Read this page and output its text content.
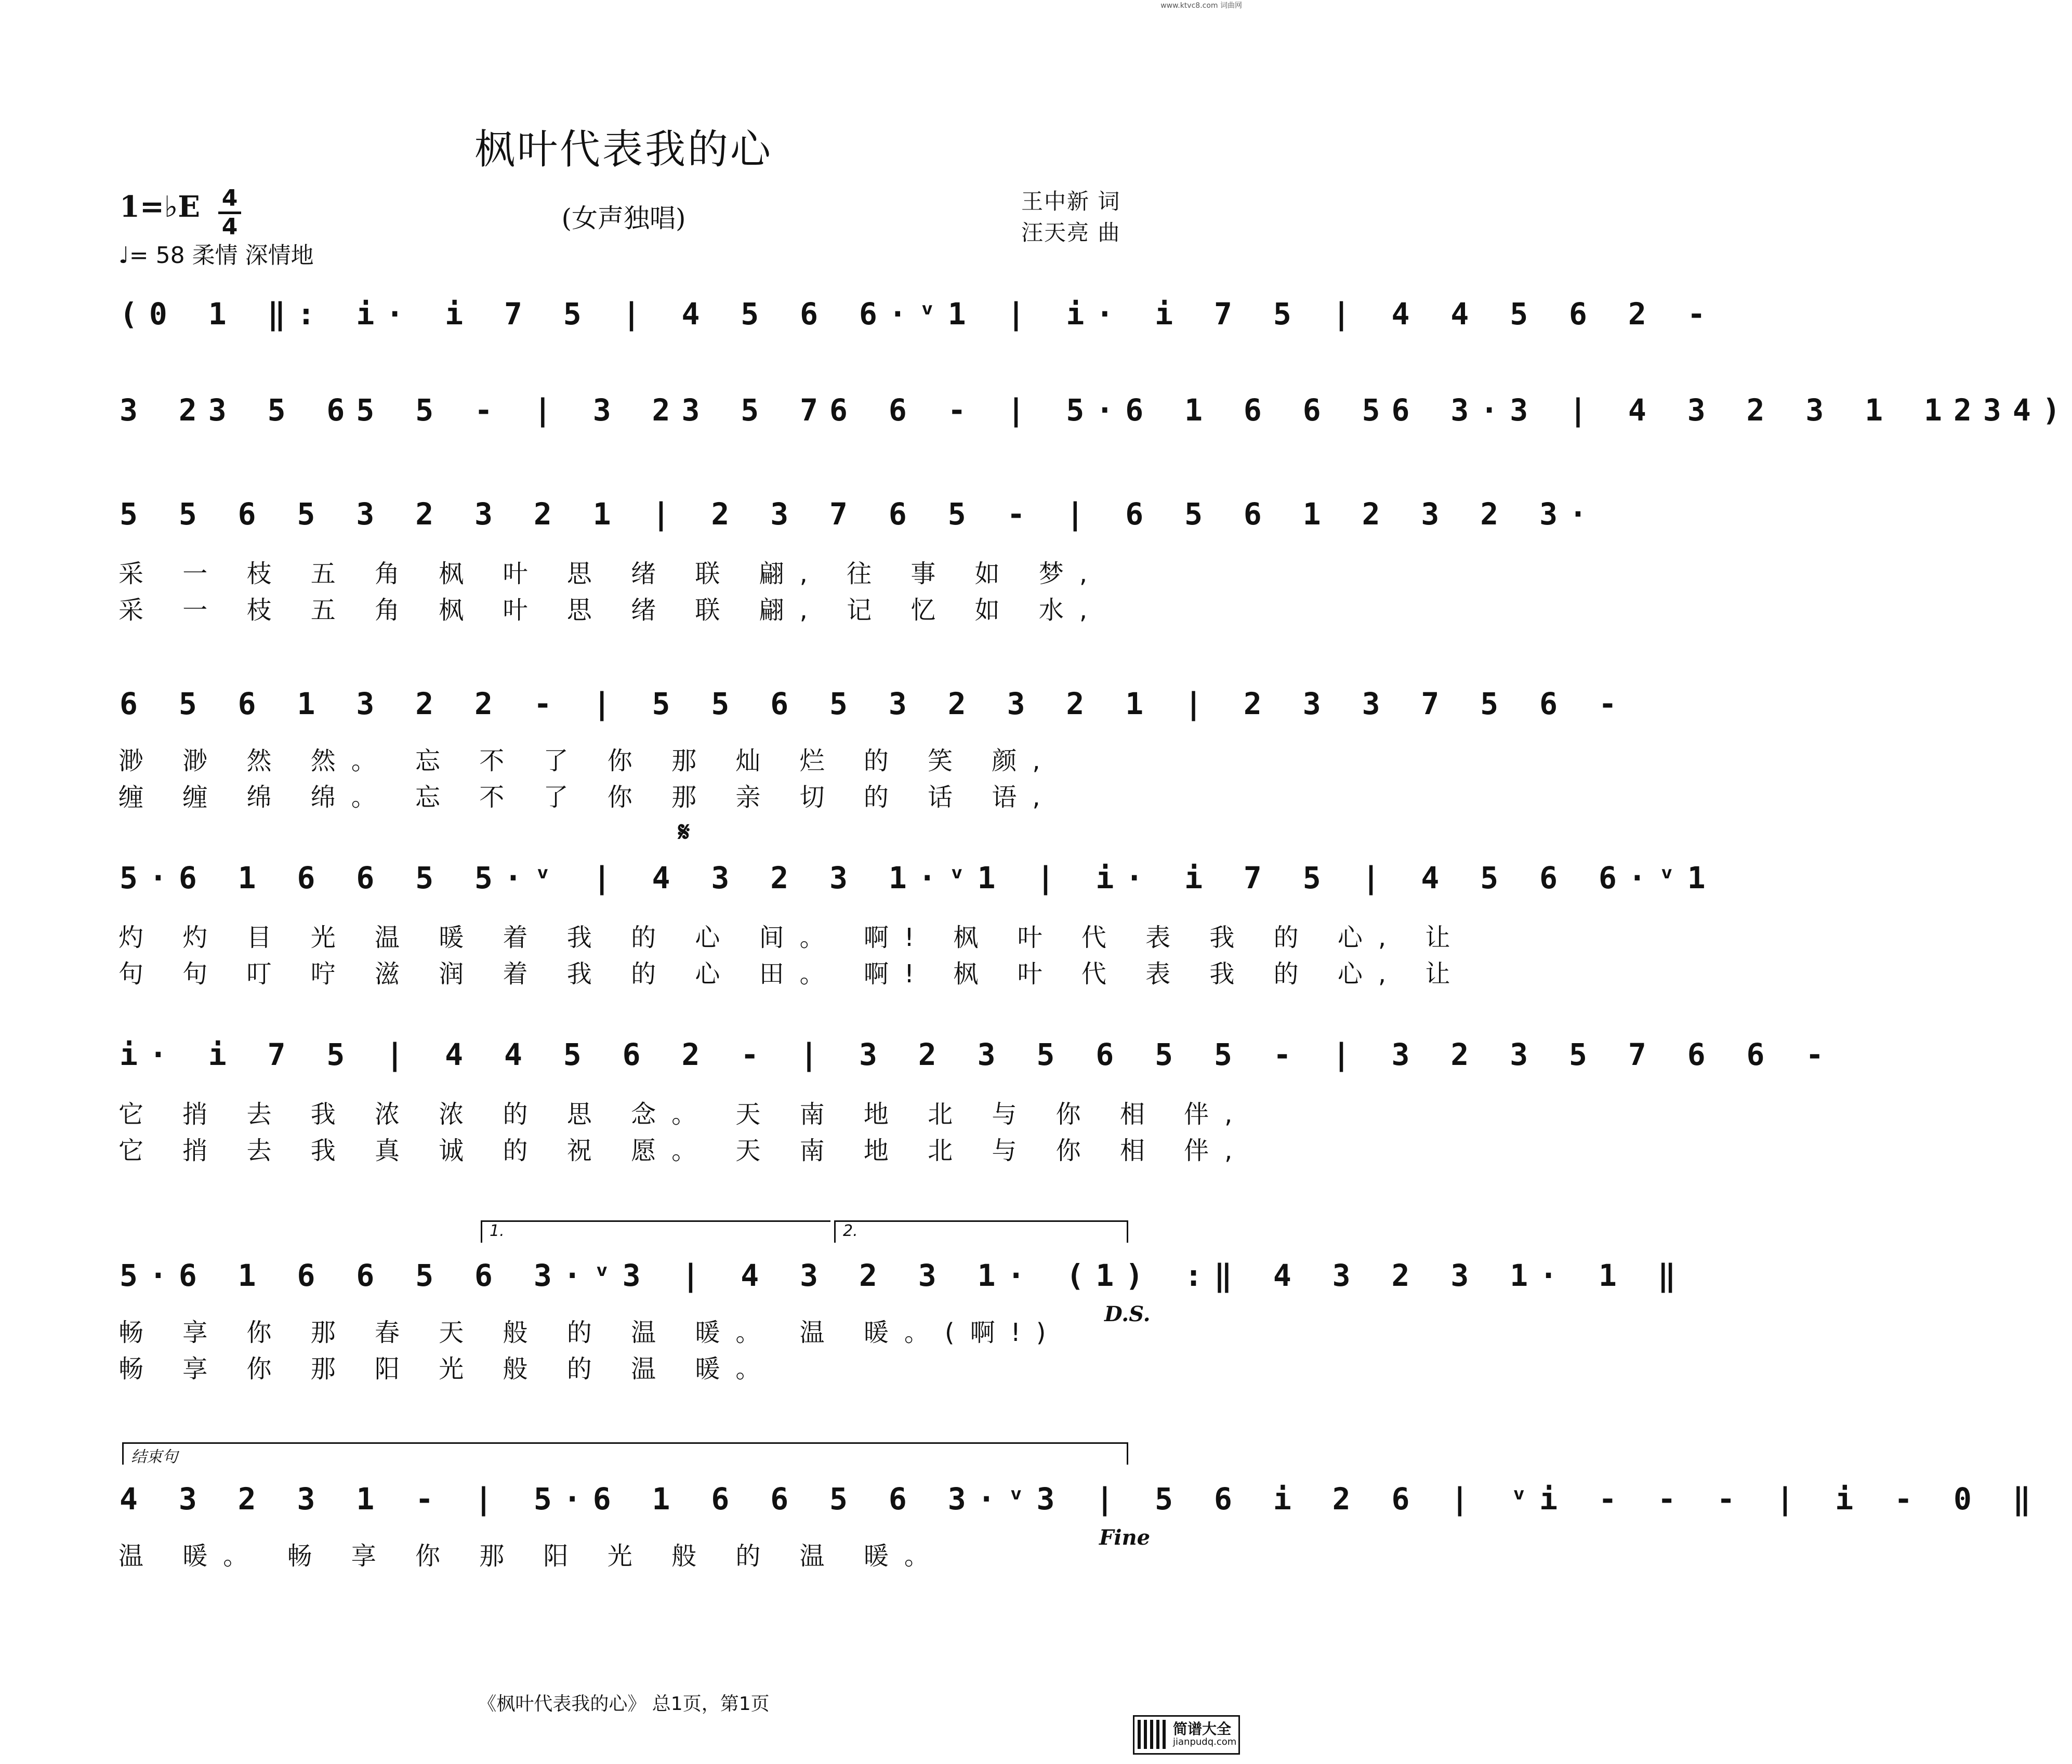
www.ktvc8.com 词曲网
枫叶代表我的心
(女声独唱)
王中新 词
汪天亮 曲
1=♭E 4
4
♩= 58 柔情 深情地
(0 1 ‖: i· i 7 5 | 4 5 6 6·ᵛ1 | i· i 7 5 | 4 4 5 6 2 -
3 23 5 65 5 - | 3 23 5 76 6 - | 5·6 1 6 6 56 3·3 | 4 3 2 3 1 1234)
5 5 6 5 3 2 3 2 1 | 2 3 7 6 5 - | 6 5 6 1 2 3 2 3·
采 一 枝 五 角 枫 叶 思 绪 联 翩, 往 事 如 梦,
采 一 枝 五 角 枫 叶 思 绪 联 翩, 记 忆 如 水,
6 5 6 1 3 2 2 - | 5 5 6 5 3 2 3 2 1 | 2 3 3 7 5 6 -
渺 渺 然 然。 忘 不 了 你 那 灿 烂 的 笑 颜,
缠 缠 绵 绵。 忘 不 了 你 那 亲 切 的 话 语,
𝄋
5·6 1 6 6 5 5·ᵛ | 4 3 2 3 1·ᵛ1 | i· i 7 5 | 4 5 6 6·ᵛ1
灼 灼 目 光 温 暖 着 我 的 心 间。 啊! 枫 叶 代 表 我 的 心, 让
句 句 叮 咛 滋 润 着 我 的 心 田。 啊! 枫 叶 代 表 我 的 心, 让
i· i 7 5 | 4 4 5 6 2 - | 3 2 3 5 6 5 5 - | 3 2 3 5 7 6 6 -
它 捎 去 我 浓 浓 的 思 念。 天 南 地 北 与 你 相 伴,
它 捎 去 我 真 诚 的 祝 愿。 天 南 地 北 与 你 相 伴,
1.	2.
5·6 1 6 6 5 6 3·ᵛ3 | 4 3 2 3 1· (1) :‖ 4 3 2 3 1· 1 ‖
畅 享 你 那 春 天 般 的 温 暖。 温 暖。(啊!)
畅 享 你 那 阳 光 般 的 温 暖。
D.S.
结束句
4 3 2 3 1 - | 5·6 1 6 6 5 6 3·ᵛ3 | 5 6 i 2 6 | ᵛi - - - | i - 0 ‖
温 暖。 畅 享 你 那 阳 光 般 的 温 暖。
Fine
《枫叶代表我的心》 总1页，第1页
简谱大全
jianpudq.com
